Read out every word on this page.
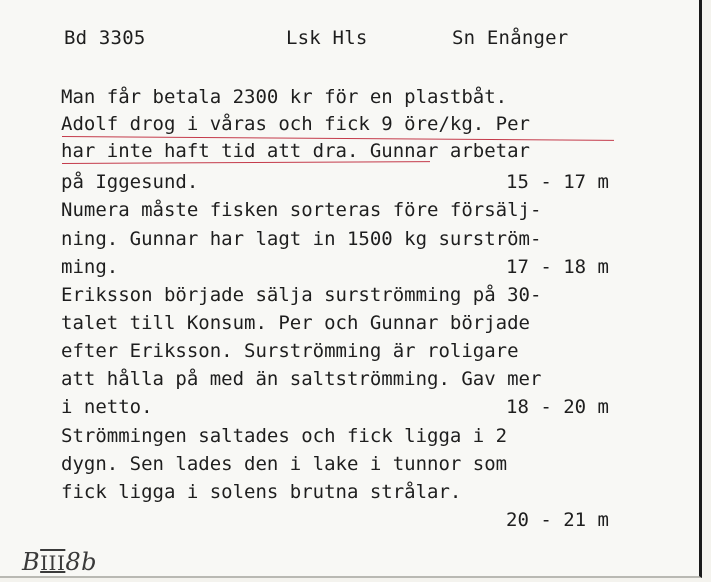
Bd 3305	Lsk Hls	Sn Enånger
Man får betala 2300 kr för en plastbåt.
Adolf drog i våras och fick 9 öre/kg. Per
har inte haft tid att dra. Gunnar arbetar
på Iggesund.	15 - 17 m
Numera måste fisken sorteras före försälj-
ning. Gunnar har lagt in 1500 kg surström-
ming.	17 - 18 m
Eriksson började sälja surströmming på 30-
talet till Konsum. Per och Gunnar började
efter Eriksson. Surströmming är roligare
att hålla på med än saltströmming. Gav mer
i netto.	18 - 20 m
Strömmingen saltades och fick ligga i 2
dygn. Sen lades den i lake i tunnor som
fick ligga i solens brutna strålar.
20 - 21 m
BIII8b
